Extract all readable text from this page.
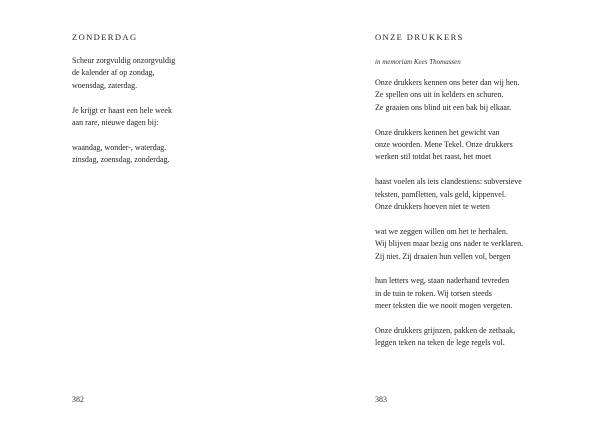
ZONDERDAG

Scheur zorgvuldig onzorgvuldig
de kalender af op zondag,
woensdag, zaterdag.

Je krijgt er haast een hele week
aan rare, nieuwe dagen bij:

waandag, wonder-, waterdag.
zinsdag, zoensdag, zonderdag.

382
ONZE DRUKKERS

in memoriam Kees Thomassen

Onze drukkers kennen ons beter dan wij hen.
Ze spellen ons uit in kelders en schuren.
Ze graaien ons blind uit een bak bij elkaar.

Onze drukkers kennen het gewicht van
onze woorden. Mene Tekel. Onze drukkers
werken stil totdat het raast, het moet

haast voelen als iets clandestiens: subversieve
teksten, pamfletten, vals geld, kippenvel.
Onze drukkers hoeven niet te weten

wat we zeggen willen om het te herhalen.
Wij blijven maar bezig ons nader te verklaren.
Zij niet. Zij draaien hun vellen vol, bergen

hun letters weg, staan naderhand tevreden
in de tuin te roken. Wij torsen steeds
meer teksten die we nooit mogen vergeten.

Onze drukkers grijnzen, pakken de zethaak,
leggen teken na teken de lege regels vol.

383
